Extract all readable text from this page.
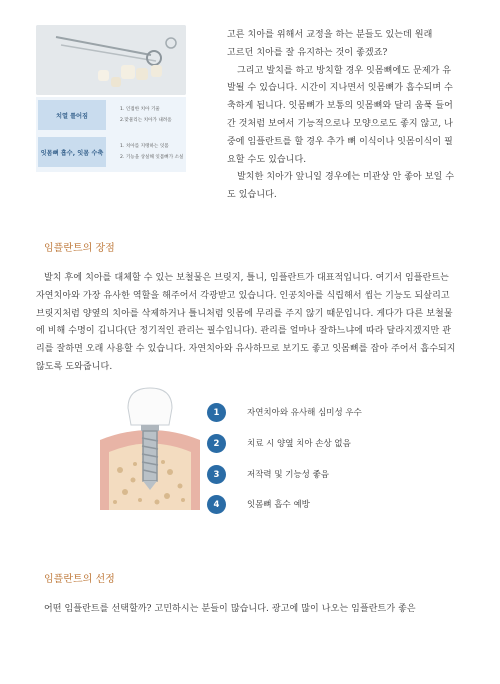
치열 틀어짐
1. 인접한 치아 기울
2.맞물리는 치아가 내려옴
잇몸뼈 흡수, 잇몸 수축
1. 치아를 지탱하는 잇몸
2. 기능을 상실해 잇몸뼈가 소실

고른 치아를 위해서 교정을 하는 분들도 있는데 원래

고르던 치아를 잘 유지하는 것이 좋겠죠?

그리고 발치를 하고 방치할 경우 잇몸뼈에도 문제가 유발될 수 있습니다. 시간이 지나면서 잇몸뼈가 흡수되며 수축하게 됩니다. 잇몸뼈가 보통의 잇몸뼈와 달리 움푹 들어간 것처럼 보여서 기능적으로나 모양으로도 좋지 않고, 나중에 임플란트를 할 경우 추가 뼈 이식이나 잇몸이식이 필요할 수도 있습니다.

발치한 치아가 앞니일 경우에는 미관상 안 좋아 보일 수도 있습니다.

임플란트의 장점
발치 후에 치아를 대체할 수 있는 보철물은 브릿지, 틀니, 임플란트가 대표적입니다. 여기서 임플란트는 자연치아와 가장 유사한 역할을 해주어서 각광받고 있습니다. 인공치아를 식립해서 씹는 기능도 되살리고 브릿지처럼 양옆의 치아를 삭제하거나 틀니처럼 잇몸에 무리를 주지 않기 때문입니다. 게다가 다른 보철물에 비해 수명이 깁니다(단 정기적인 관리는 필수입니다). 관리를 얼마나 잘하느냐에 따라 달라지겠지만 관리를 잘하면 오래 사용할 수 있습니다. 자연치아와 유사하므로 보기도 좋고 잇몸뼈를 잡아 주어서 흡수되지 않도록 도와줍니다.
1	자연치아와 유사해 심미성 우수
2	치료 시 양옆 치아 손상 없음
3	저작력 및 기능성 좋음
4	잇몸뼈 흡수 예방
임플란트의 선정
어떤 임플란트를 선택할까? 고민하시는 분들이 많습니다. 광고에 많이 나오는 임플란트가 좋은
